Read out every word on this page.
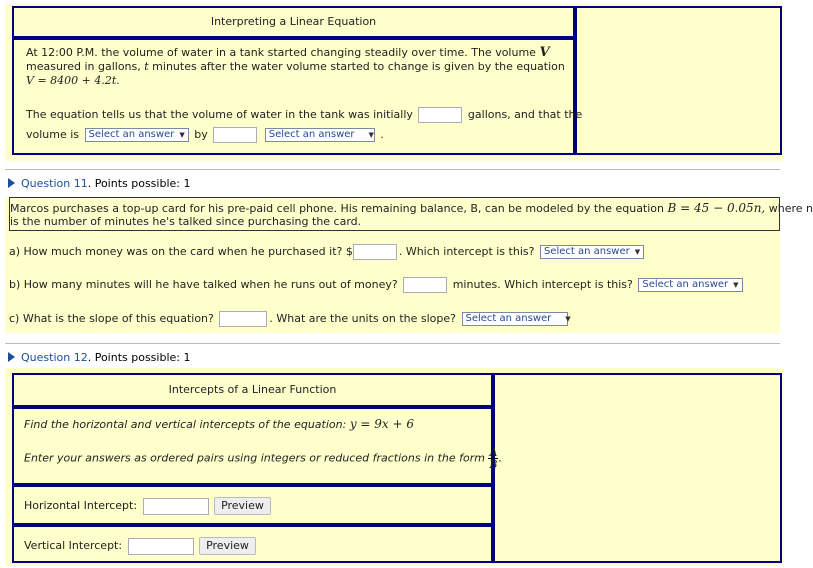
Interpreting a Linear Equation
At 12:00 P.M. the volume of water in a tank started changing steadily over time. The volume V
measured in gallons, t minutes after the water volume started to change is given by the equation
V = 8400 + 4.2t.
The equation tells us that the volume of water in the tank was initially	gallons, and that the
volume is Select an answer ▼ by	Select an answer ▼ .
Question 11. Points possible: 1
Marcos purchases a top-up card for his pre-paid cell phone. His remaining balance, B, can be modeled by the equation B = 45 − 0.05n, where n
is the number of minutes he's talked since purchasing the card.
a) How much money was on the card when he purchased it? $	. Which intercept is this? Select an answer ▼
b) How many minutes will he have talked when he runs out of money?	minutes. Which intercept is this? Select an answer ▼
c) What is the slope of this equation?	. What are the units on the slope? Select an answer ▼
Question 12. Points possible: 1
Intercepts of a Linear Function
Find the horizontal and vertical intercepts of the equation: y = 9x + 6
Enter your answers as ordered pairs using integers or reduced fractions in the form $\frac{A}{B}$ .
Horizontal Intercept:	Preview
Vertical Intercept:	Preview
